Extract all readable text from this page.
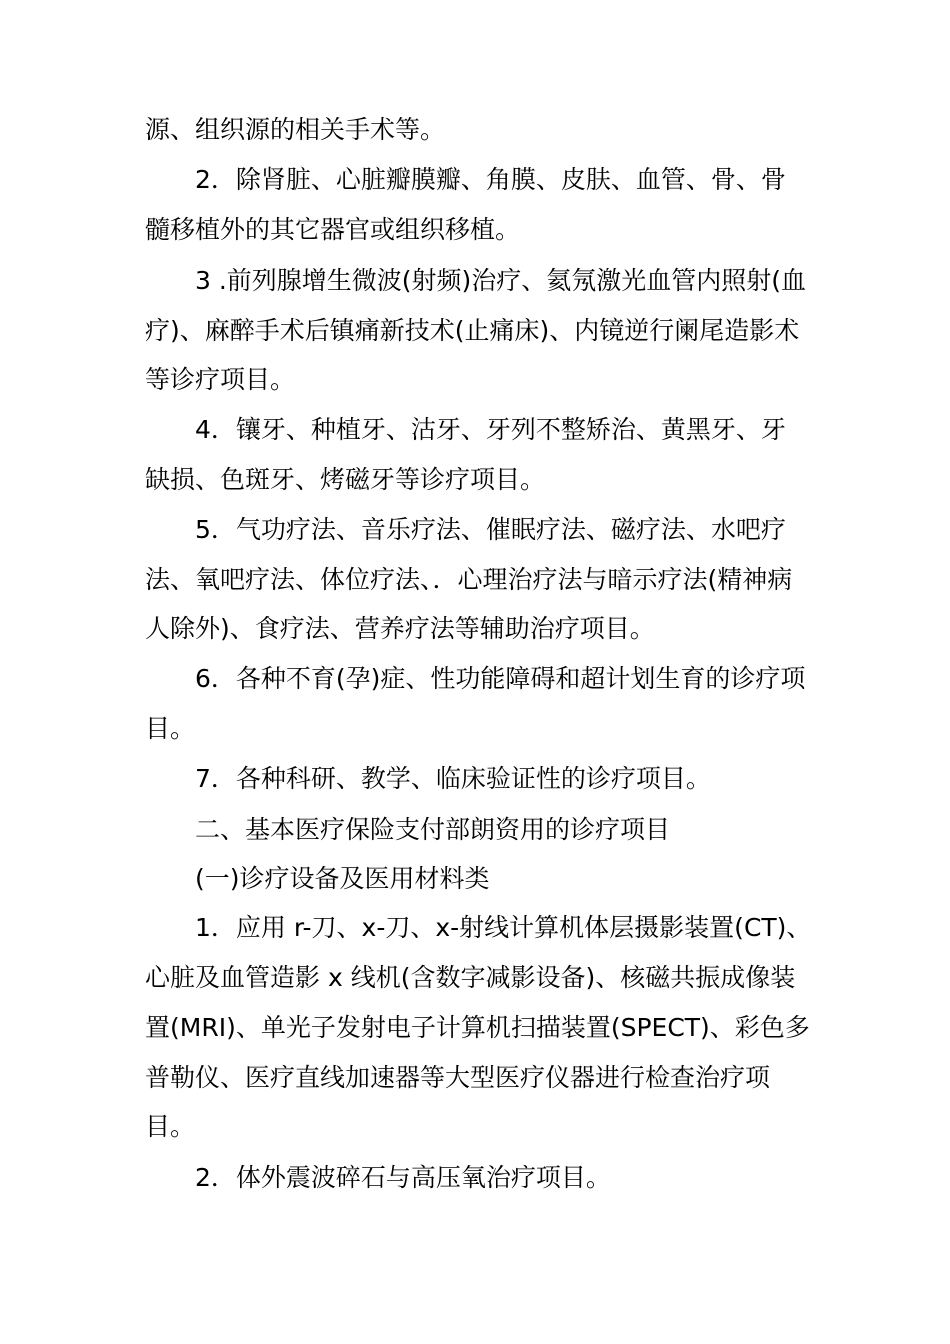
源、组织源的相关手术等。
2．除肾脏、心脏瓣膜瓣、角膜、皮肤、血管、骨、骨
髓移植外的其它器官或组织移植。
3 .前列腺增生微波(射频)治疗、氦氖激光血管内照射(血
疗)、麻醉手术后镇痛新技术(止痛床)、内镜逆行阑尾造影术
等诊疗项目。
4．镶牙、种植牙、沽牙、牙列不整矫治、黄黑牙、牙
缺损、色斑牙、烤磁牙等诊疗项目。
5．气功疗法、音乐疗法、催眠疗法、磁疗法、水吧疗
法、氧吧疗法、体位疗法、．心理治疗法与暗示疗法(精神病
人除外)、食疗法、营养疗法等辅助治疗项目。
6．各种不育(孕)症、性功能障碍和超计划生育的诊疗项
目。
7．各种科研、教学、临床验证性的诊疗项目。
二、基本医疗保险支付部朗资用的诊疗项目
(一)诊疗设备及医用材料类
1．应用 r-刀、x-刀、x-射线计算机体层摄影装置(CT)、
心脏及血管造影 x 线机(含数字减影设备)、核磁共振成像装
置(MRI)、单光子发射电子计算机扫描装置(SPECT)、彩色多
普勒仪、医疗直线加速器等大型医疗仪器进行检查治疗项
目。
2．体外震波碎石与高压氧治疗项目。
